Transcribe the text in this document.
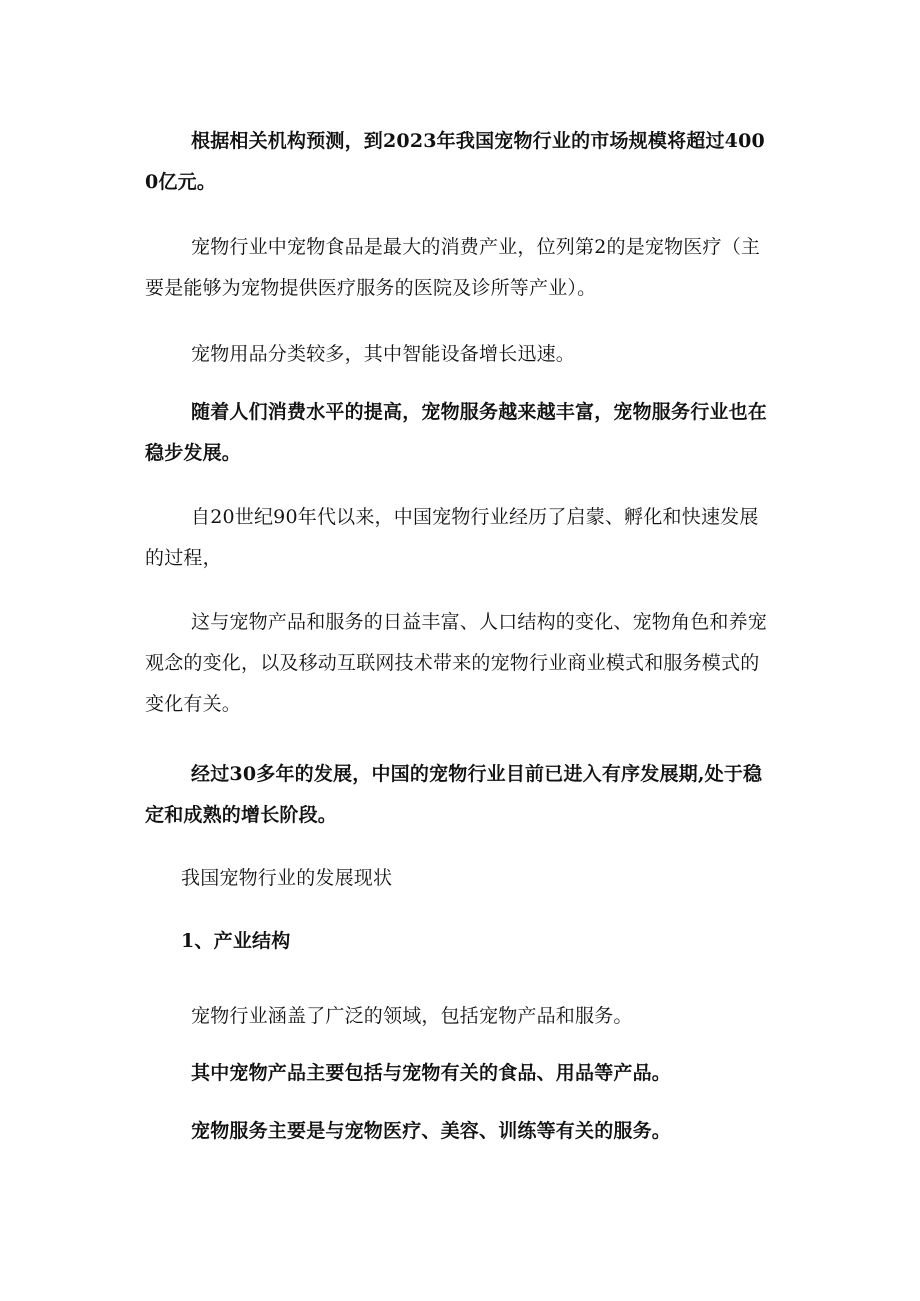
根据相关机构预测，到2023年我国宠物行业的市场规模将超过4000亿元。

宠物行业中宠物食品是最大的消费产业，位列第2的是宠物医疗（主要是能够为宠物提供医疗服务的医院及诊所等产业）。

宠物用品分类较多，其中智能设备增长迅速。

随着人们消费水平的提高，宠物服务越来越丰富，宠物服务行业也在稳步发展。

自20世纪90年代以来，中国宠物行业经历了启蒙、孵化和快速发展的过程，

这与宠物产品和服务的日益丰富、人口结构的变化、宠物角色和养宠观念的变化，以及移动互联网技术带来的宠物行业商业模式和服务模式的变化有关。

经过30多年的发展，中国的宠物行业目前已进入有序发展期,处于稳定和成熟的增长阶段。

我国宠物行业的发展现状

1、产业结构

宠物行业涵盖了广泛的领域，包括宠物产品和服务。

其中宠物产品主要包括与宠物有关的食品、用品等产品。

宠物服务主要是与宠物医疗、美容、训练等有关的服务。
